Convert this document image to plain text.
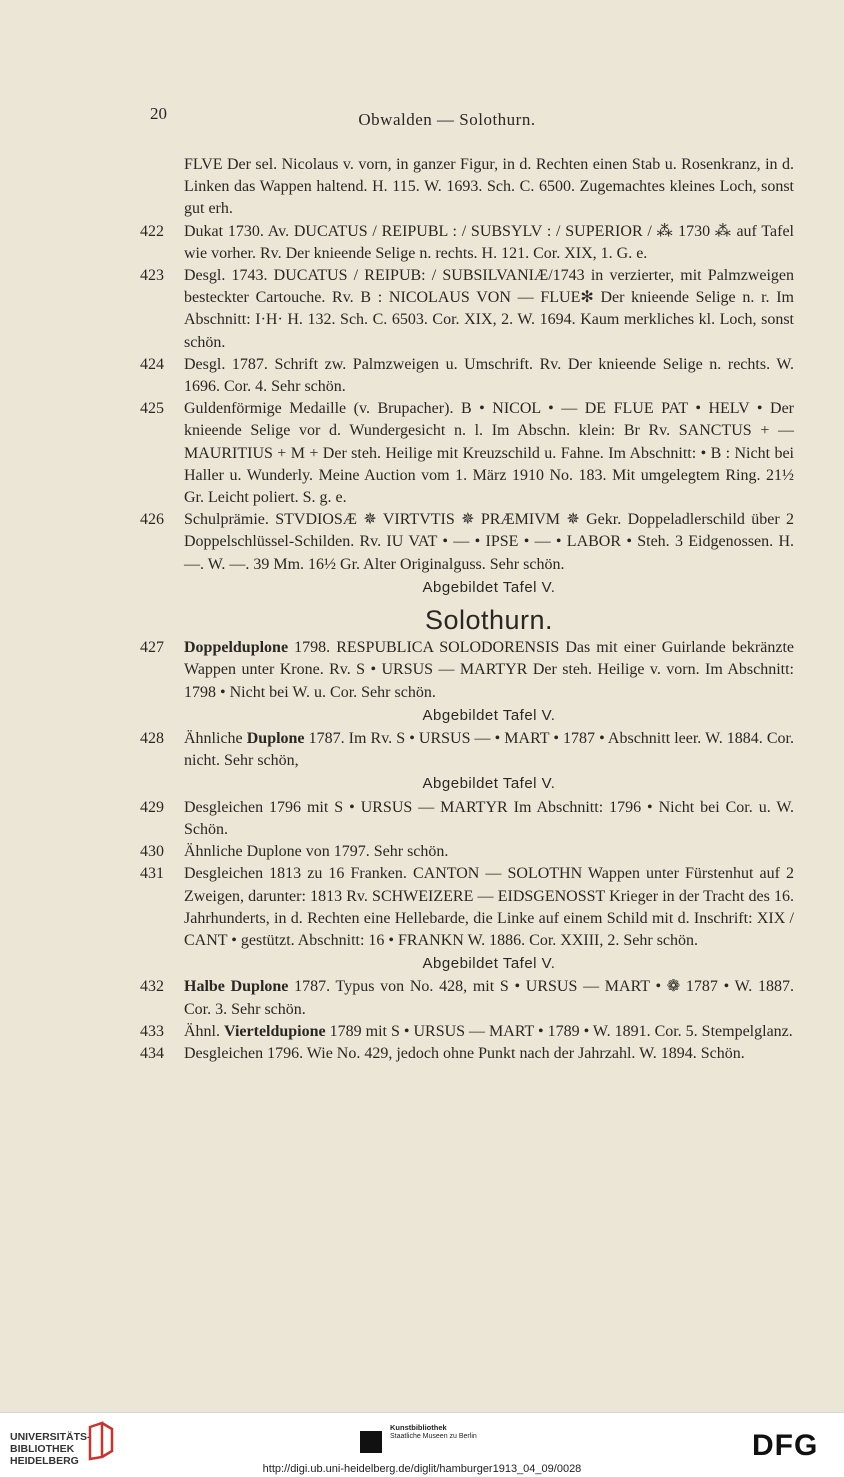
20	Obwalden — Solothurn.
FLVE Der sel. Nicolaus v. vorn, in ganzer Figur, in d. Rechten einen Stab u. Rosenkranz, in d. Linken das Wappen haltend. H. 115. W. 1693. Sch. C. 6500. Zugemachtes kleines Loch, sonst gut erh.
422	Dukat 1730. Av. DUCATUS / REIPUBL : / SUBSYLV : / SUPERIOR / ⁂ 1730 ⁂ auf Tafel wie vorher. Rv. Der knieende Selige n. rechts. H. 121. Cor. XIX, 1. G. e.
423	Desgl. 1743. DUCATUS / REIPUB: / SUBSILVANIÆ/1743 in verzierter, mit Palmzweigen besteckter Cartouche. Rv. B : NICOLAUS VON — FLUE✻ Der knieende Selige n. r. Im Abschnitt: I·H· H. 132. Sch. C. 6503. Cor. XIX, 2. W. 1694. Kaum merkliches kl. Loch, sonst schön.
424	Desgl. 1787. Schrift zw. Palmzweigen u. Umschrift. Rv. Der knieende Selige n. rechts. W. 1696. Cor. 4. Sehr schön.
425	Guldenförmige Medaille (v. Brupacher). B • NICOL • — DE FLUE PAT • HELV • Der knieende Selige vor d. Wundergesicht n. l. Im Abschn. klein: Br Rv. SANCTUS + — MAURITIUS + M + Der steh. Heilige mit Kreuzschild u. Fahne. Im Abschnitt: • B : Nicht bei Haller u. Wunderly. Meine Auction vom 1. März 1910 No. 183. Mit umgelegtem Ring. 21½ Gr. Leicht poliert. S. g. e.
426	Schulprämie. STVDIOSÆ ✵ VIRTVTIS ✵ PRÆMIVM ✵ Gekr. Doppeladlerschild über 2 Doppelschlüssel-Schilden. Rv. IU VAT • — • IPSE • — • LABOR • Steh. 3 Eidgenossen. H. —. W. —. 39 Mm. 16½ Gr. Alter Originalguss. Sehr schön.
Abgebildet Tafel V.
Solothurn.
427	Doppelduplone 1798. RESPUBLICA SOLODORENSIS Das mit einer Guirlande bekränzte Wappen unter Krone. Rv. S • URSUS — MARTYR Der steh. Heilige v. vorn. Im Abschnitt: 1798 • Nicht bei W. u. Cor. Sehr schön.
Abgebildet Tafel V.
428	Ähnliche Duplone 1787. Im Rv. S • URSUS — • MART • 1787 • Abschnitt leer. W. 1884. Cor. nicht. Sehr schön,
Abgebildet Tafel V.
429	Desgleichen 1796 mit S • URSUS — MARTYR Im Abschnitt: 1796 • Nicht bei Cor. u. W. Schön.
430	Ähnliche Duplone von 1797. Sehr schön.
431	Desgleichen 1813 zu 16 Franken. CANTON — SOLOTHN Wappen unter Fürstenhut auf 2 Zweigen, darunter: 1813 Rv. SCHWEIZERE — EIDSGENOSST Krieger in der Tracht des 16. Jahrhunderts, in d. Rechten eine Hellebarde, die Linke auf einem Schild mit d. Inschrift: XIX / CANT • gestützt. Abschnitt: 16 • FRANKN W. 1886. Cor. XXIII, 2. Sehr schön.
Abgebildet Tafel V.
432	Halbe Duplone 1787. Typus von No. 428, mit S • URSUS — MART • ❁ 1787 • W. 1887. Cor. 3. Sehr schön.
433	Ähnl. Vierteldupione 1789 mit S • URSUS — MART • 1789 • W. 1891. Cor. 5. Stempelglanz.
434	Desgleichen 1796. Wie No. 429, jedoch ohne Punkt nach der Jahrzahl. W. 1894. Schön.
UNIVERSITÄTS-
BIBLIOTHEK
HEIDELBERG
Kunstbibliothek
Staatliche Museen zu Berlin	DFG
http://digi.ub.uni-heidelberg.de/diglit/hamburger1913_04_09/0028
